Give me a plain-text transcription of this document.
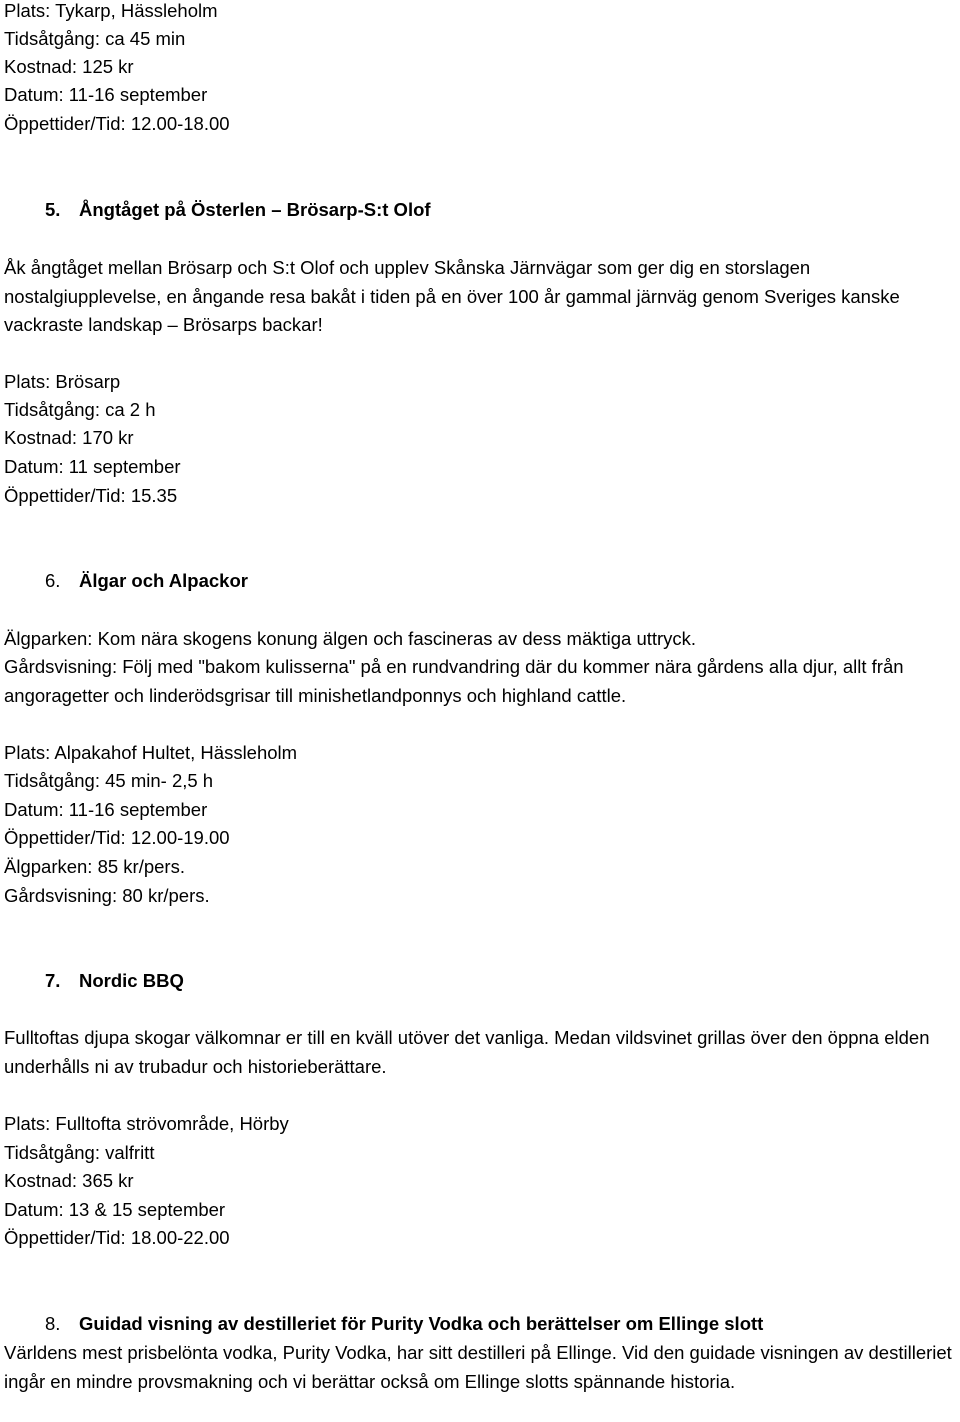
Plats: Tykarp, Hässleholm
Tidsåtgång: ca 45 min
Kostnad: 125 kr
Datum: 11-16 september
Öppettider/Tid: 12.00-18.00
5. Ångtåget på Österlen – Brösarp-S:t Olof
Åk ångtåget mellan Brösarp och S:t Olof och upplev Skånska Järnvägar som ger dig en storslagen nostalgiupplevelse, en ångande resa bakåt i tiden på en över 100 år gammal järnväg genom Sveriges kanske vackraste landskap – Brösarps backar!
Plats: Brösarp
Tidsåtgång: ca 2 h
Kostnad: 170 kr
Datum: 11 september
Öppettider/Tid: 15.35
6. Älgar och Alpackor
Älgparken: Kom nära skogens konung älgen och fascineras av dess mäktiga uttryck.
Gårdsvisning: Följ med "bakom kulisserna" på en rundvandring där du kommer nära gårdens alla djur, allt från angoragetter och linderödsgrisar till minishetlandponnys och highland cattle.
Plats: Alpakahof Hultet, Hässleholm
Tidsåtgång: 45 min- 2,5 h
Datum: 11-16 september
Öppettider/Tid: 12.00-19.00
Älgparken: 85 kr/pers.
Gårdsvisning: 80 kr/pers.
7. Nordic BBQ
Fulltoftas djupa skogar välkomnar er till en kväll utöver det vanliga. Medan vildsvinet grillas över den öppna elden underhålls ni av trubadur och historieberättare.
Plats: Fulltofta strövområde, Hörby
Tidsåtgång: valfritt
Kostnad: 365 kr
Datum: 13 & 15 september
Öppettider/Tid: 18.00-22.00
8. Guidad visning av destilleriet för Purity Vodka och berättelser om Ellinge slott
Världens mest prisbelönta vodka, Purity Vodka, har sitt destilleri på Ellinge. Vid den guidade visningen av destilleriet ingår en mindre provsmakning och vi berättar också om Ellinge slotts spännande historia.
